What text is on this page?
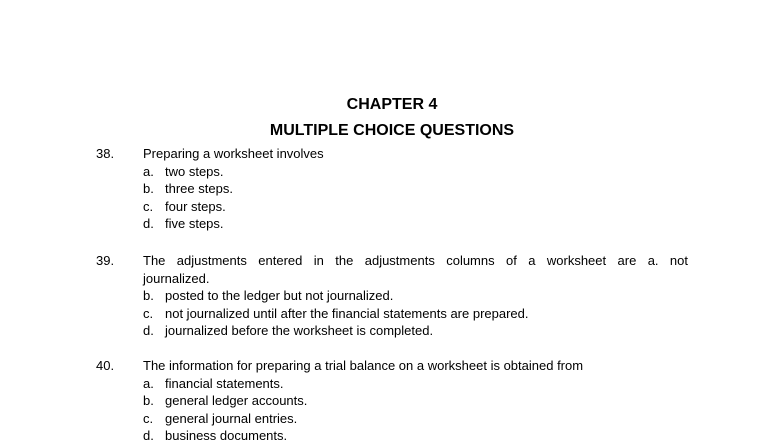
CHAPTER 4
MULTIPLE CHOICE QUESTIONS
38. Preparing a worksheet involves
a. two steps.
b. three steps.
c. four steps.
d. five steps.
39. The adjustments entered in the adjustments columns of a worksheet are a. not
journalized.
b. posted to the ledger but not journalized.
c. not journalized until after the financial statements are prepared.
d. journalized before the worksheet is completed.
40. The information for preparing a trial balance on a worksheet is obtained from
a. financial statements.
b. general ledger accounts.
c. general journal entries.
d. business documents.
